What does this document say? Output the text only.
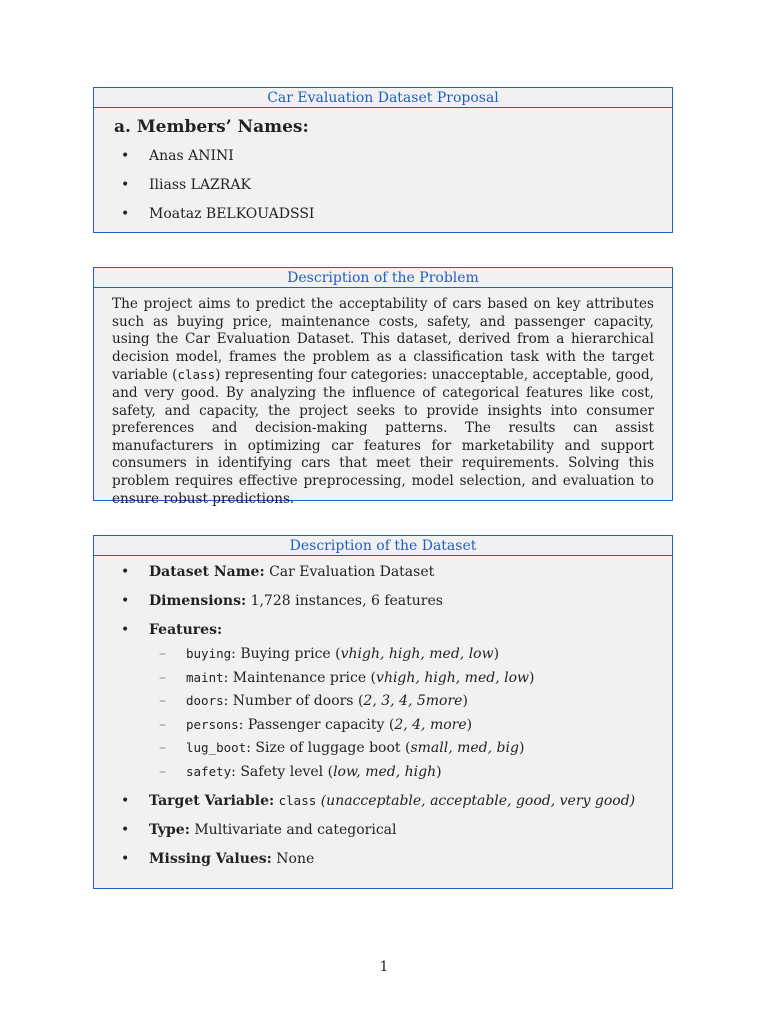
Car Evaluation Dataset Proposal
a. Members’ Names:
• Anas ANINI
• Iliass LAZRAK
• Moataz BELKOUADSSI
Description of the Problem
The project aims to predict the acceptability of cars based on key attributes such as buying price, maintenance costs, safety, and passenger capacity, using the Car Evaluation Dataset. This dataset, derived from a hierarchical decision model, frames the problem as a classification task with the target variable (class) representing four categories: unacceptable, acceptable, good, and very good. By analyzing the influence of categorical features like cost, safety, and capacity, the project seeks to provide insights into consumer preferences and decision-making patterns. The results can assist manufacturers in optimizing car features for marketability and support consumers in identifying cars that meet their requirements. Solving this problem requires effective preprocessing, model selection, and evaluation to ensure robust predictions.
Description of the Dataset
• Dataset Name: Car Evaluation Dataset
• Dimensions: 1,728 instances, 6 features
• Features:
– buying: Buying price (vhigh, high, med, low)
– maint: Maintenance price (vhigh, high, med, low)
– doors: Number of doors (2, 3, 4, 5more)
– persons: Passenger capacity (2, 4, more)
– lug_boot: Size of luggage boot (small, med, big)
– safety: Safety level (low, med, high)
• Target Variable: class (unacceptable, acceptable, good, very good)
• Type: Multivariate and categorical
• Missing Values: None
1
